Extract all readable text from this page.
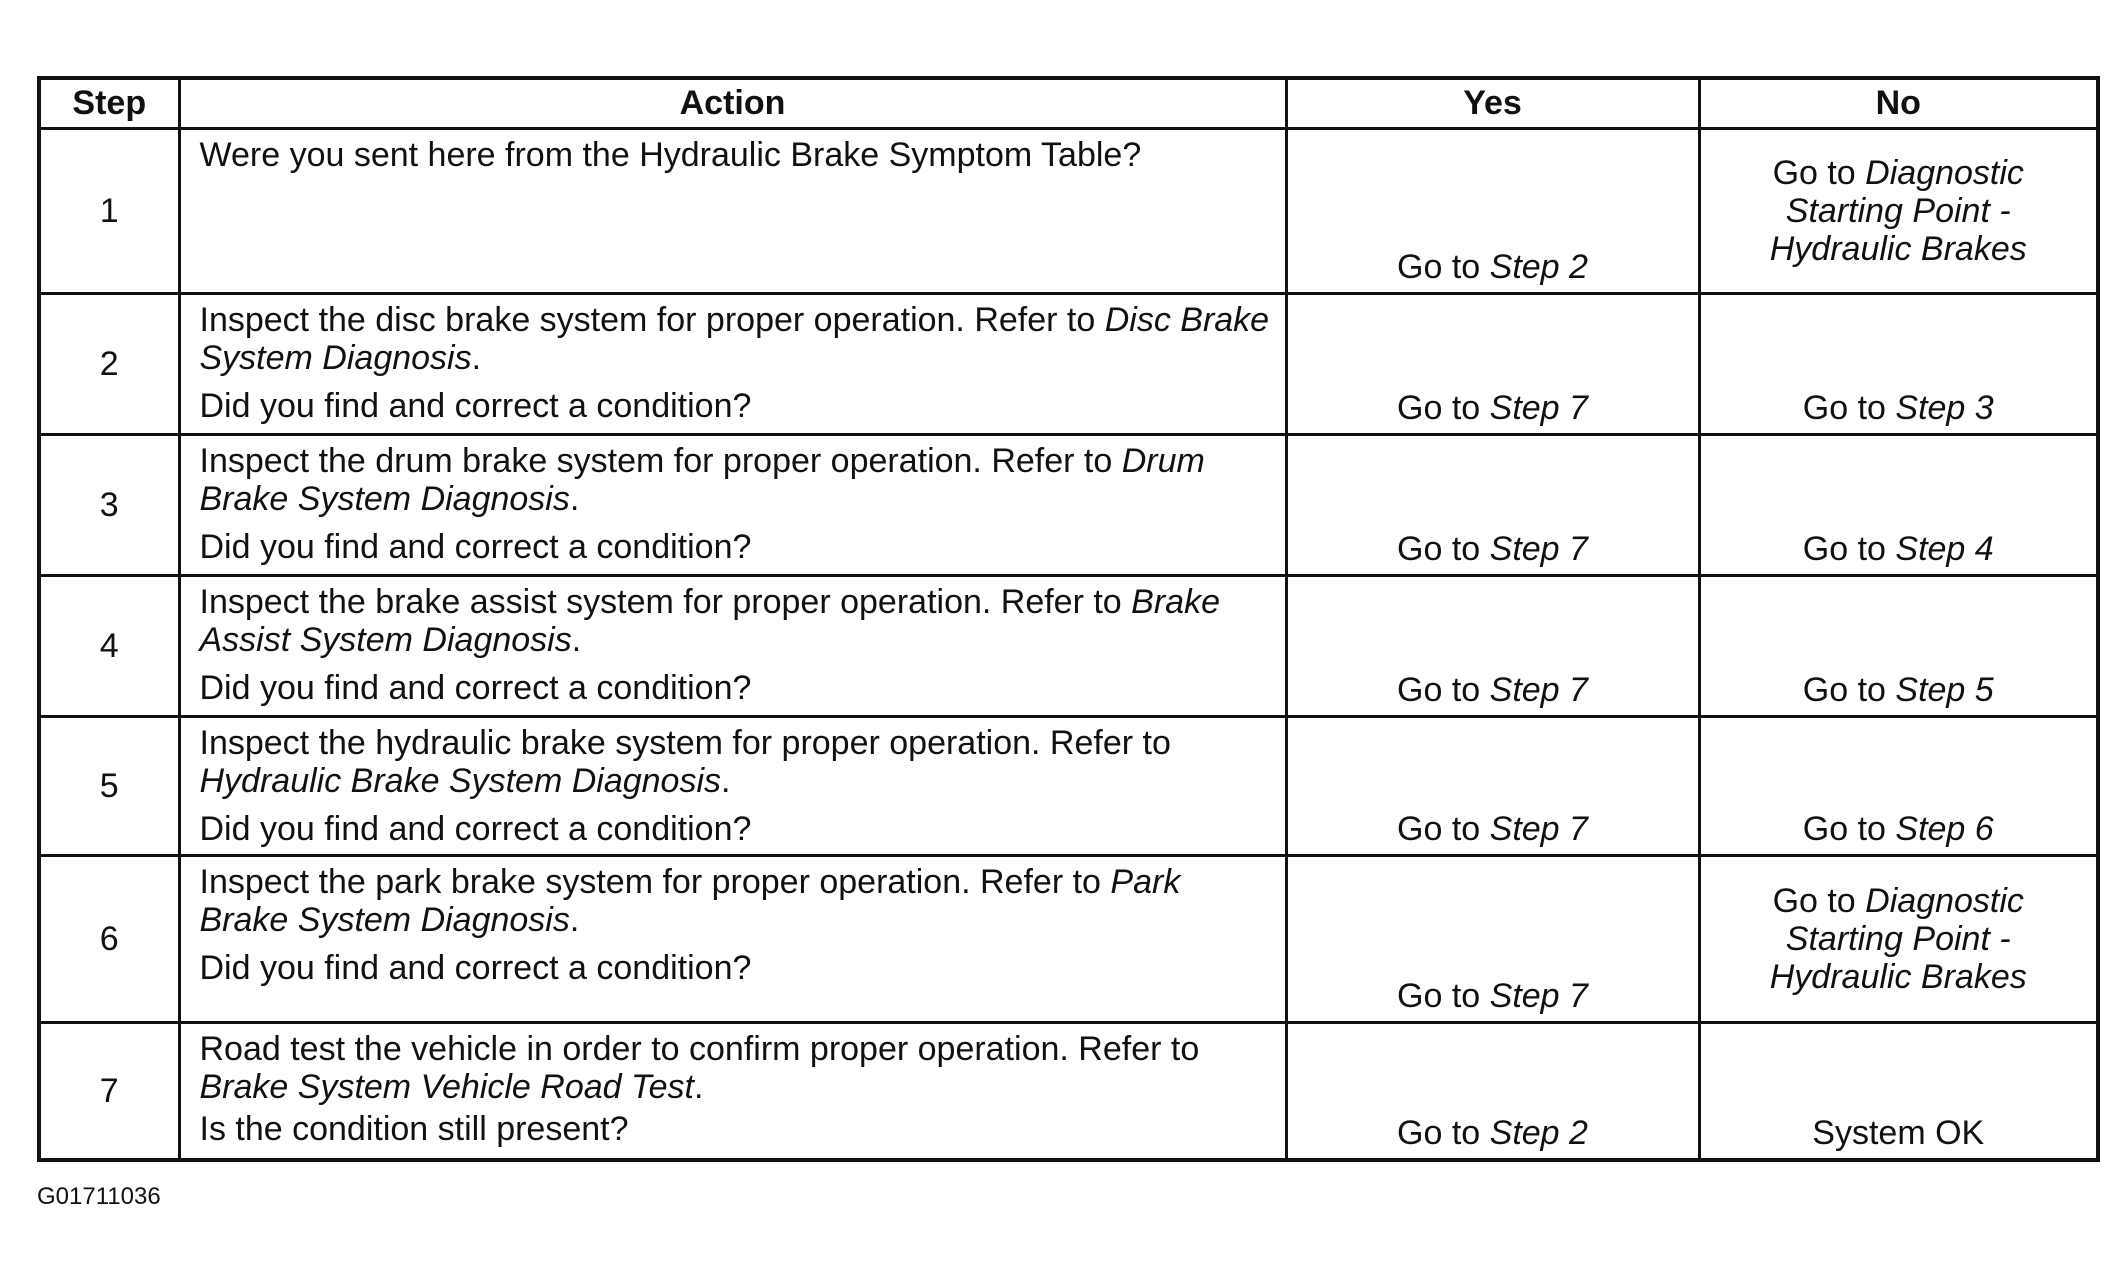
Step	Action	Yes	No
1	Were you sent here from the Hydraulic Brake Symptom Table?	Go to Step 2	Go to Diagnostic Starting Point - Hydraulic Brakes
2	Inspect the disc brake system for proper operation. Refer to Disc Brake System Diagnosis.
Did you find and correct a condition?	Go to Step 7	Go to Step 3
3	Inspect the drum brake system for proper operation. Refer to Drum Brake System Diagnosis.
Did you find and correct a condition?	Go to Step 7	Go to Step 4
4	Inspect the brake assist system for proper operation. Refer to Brake Assist System Diagnosis.
Did you find and correct a condition?	Go to Step 7	Go to Step 5
5	Inspect the hydraulic brake system for proper operation. Refer to Hydraulic Brake System Diagnosis.
Did you find and correct a condition?	Go to Step 7	Go to Step 6
6	Inspect the park brake system for proper operation. Refer to Park Brake System Diagnosis.
Did you find and correct a condition?	Go to Step 7	Go to Diagnostic Starting Point - Hydraulic Brakes
7	Road test the vehicle in order to confirm proper operation. Refer to Brake System Vehicle Road Test.
Is the condition still present?	Go to Step 2	System OK
G01711036
